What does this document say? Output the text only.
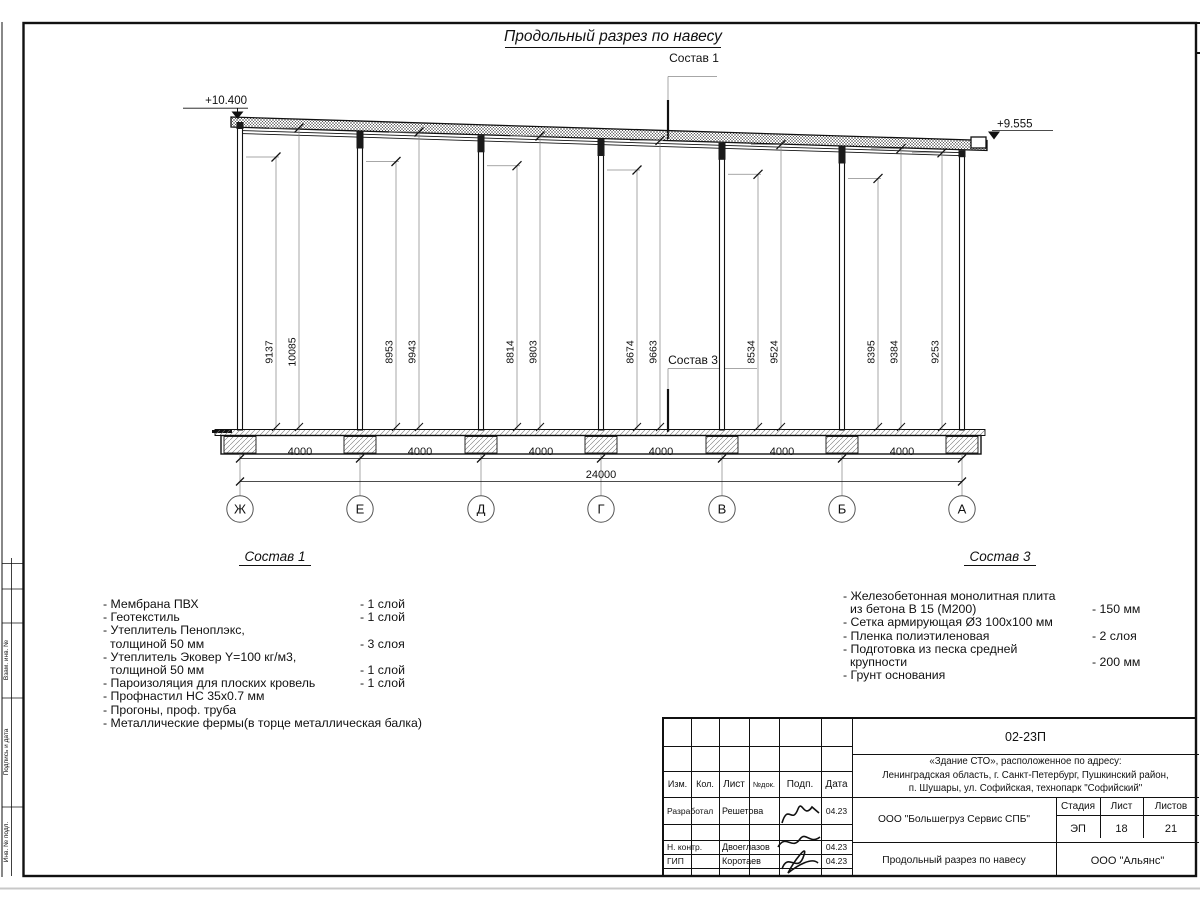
Взам. инв. №
Подпись и дата
Инв. № подл.
Продольный разрез по навесу
Состав 1
Состав 3
+10.400
+9.555
9137 10085	8953 9943	8814 9803	8674 9663	8534 9524	8395 9384	9253
4000	4000	4000	4000	4000	4000
24000
Ж	Е	Д	Г	В	Б	А
Состав 1
- Мембрана ПВХ	- 1 слой
- Геотекстиль	- 1 слой
- Утеплитель Пеноплэкс,
толщиной 50 мм	- 3 слоя
- Утеплитель Эковер Y=100 кг/м3,
толщиной 50 мм	- 1 слой
- Пароизоляция для плоских кровель	- 1 слой
- Профнастил НС 35х0.7 мм
- Прогоны, проф. труба
- Металлические фермы(в торце металлическая балка)
Состав 3
- Железобетонная монолитная плита
из бетона В 15 (М200)	- 150 мм
- Сетка армирующая Ø3 100х100 мм
- Пленка полиэтиленовая	- 2 слоя
- Подготовка из песка средней
крупности	- 200 мм
- Грунт основания
Изм. Кол. Лист	№док.	Подп.	Дата
Разработал Решетова	04.23
Н. контр.	Двоеглазов	04.23
ГИП	Коротаев	04.23
02-23П
«Здание СТО», расположенное по адресу:
Ленинградская область, г. Санкт-Петербург, Пушкинский район,
п. Шушары, ул. Софийская, технопарк "Софийский"
ООО "Большегруз Сервис СПБ"
Стадия	Лист	Листов
ЭП	18	21
Продольный разрез по навесу	ООО "Альянс"
